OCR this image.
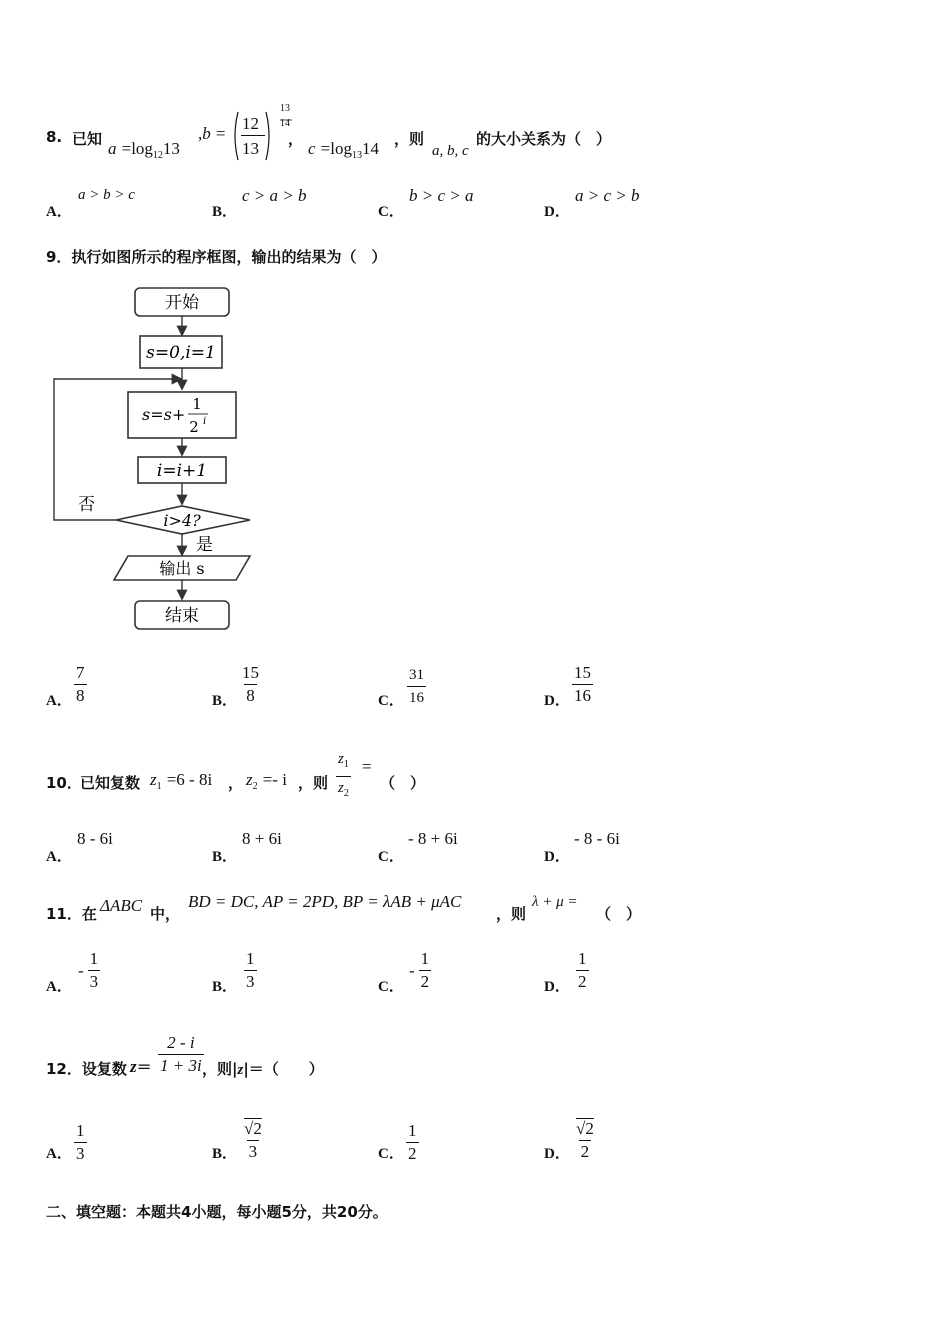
8. 已知 $a =\log_{12}13$
,b =
12
13
13
14
， $c =\log_{13}14$ ，则
a, b, c
的大小关系为（　）
A．
a > b > c
B．
c > a > b
C．
b > c > a
D．
a > c > b
9．执行如图所示的程序框图，输出的结果为（　）
开始
s=0,i=1
s=s+
1
2 i
i=i+1
i>4?
否
是
输出 s
结束
A． $\frac{7}{8}$	B． $\frac{15}{8}$	C． $\frac{31}{16}$	D． $\frac{15}{16}$
10．
已知复数 $z_1 =6 - 8i$ ， $z_2 =- i$ ，则 $\frac{z_1}{z_2}$ =
（　）
A．
8 - 6i
B．
8 + 6i
C．
- 8 + 6i
D．
- 8 - 6i
11．在 ΔABC 中，
BD = DC, AP = 2PD, BP = λAB + μAC
，则
λ + μ =
（　）
A．
- $\frac{1}{3}$	B． $\frac{1}{3}$	C．
- $\frac{1}{2}$	D． $\frac{1}{2}$
12．设复数 $z= \frac{2 - i}{1 + 3i}$
，则|z|＝（　　）
A． $\frac{1}{3}$	B． $\frac{√2}{3}$	C． $\frac{1}{2}$	D． $\frac{√2}{2}$
二、填空题：本题共4小题，每小题5分，共20分。
